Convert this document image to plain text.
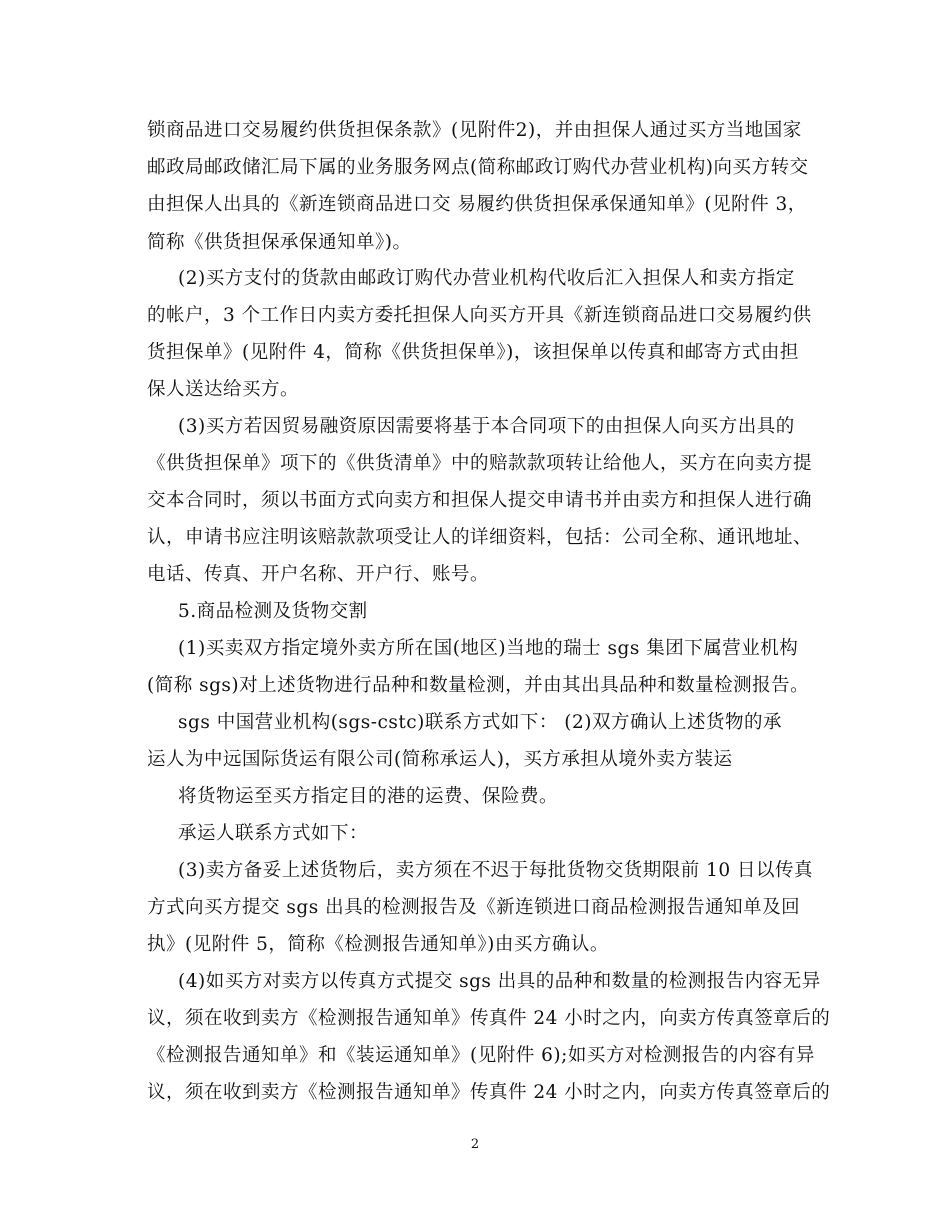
锁商品进口交易履约供货担保条款》(见附件2)，并由担保人通过买方当地国家
邮政局邮政储汇局下属的业务服务网点(简称邮政订购代办营业机构)向买方转交
由担保人出具的《新连锁商品进口交 易履约供货担保承保通知单》(见附件 3，
简称《供货担保承保通知单》)。
(2)买方支付的货款由邮政订购代办营业机构代收后汇入担保人和卖方指定
的帐户，3 个工作日内卖方委托担保人向买方开具《新连锁商品进口交易履约供
货担保单》(见附件 4，简称《供货担保单》)，该担保单以传真和邮寄方式由担
保人送达给买方。
(3)买方若因贸易融资原因需要将基于本合同项下的由担保人向买方出具的
《供货担保单》项下的《供货清单》中的赔款款项转让给他人，买方在向卖方提
交本合同时，须以书面方式向卖方和担保人提交申请书并由卖方和担保人进行确
认，申请书应注明该赔款款项受让人的详细资料，包括：公司全称、通讯地址、
电话、传真、开户名称、开户行、账号。
5.商品检测及货物交割
(1)买卖双方指定境外卖方所在国(地区)当地的瑞士 sgs 集团下属营业机构
(简称 sgs)对上述货物进行品种和数量检测，并由其出具品种和数量检测报告。
sgs 中国营业机构(sgs-cstc)联系方式如下： (2)双方确认上述货物的承
运人为中远国际货运有限公司(简称承运人)，买方承担从境外卖方装运
将货物运至买方指定目的港的运费、保险费。
承运人联系方式如下：
(3)卖方备妥上述货物后，卖方须在不迟于每批货物交货期限前 10 日以传真
方式向买方提交 sgs 出具的检测报告及《新连锁进口商品检测报告通知单及回
执》(见附件 5，简称《检测报告通知单》)由买方确认。
(4)如买方对卖方以传真方式提交 sgs 出具的品种和数量的检测报告内容无异
议，须在收到卖方《检测报告通知单》传真件 24 小时之内，向卖方传真签章后的
《检测报告通知单》和《装运通知单》(见附件 6);如买方对检测报告的内容有异
议，须在收到卖方《检测报告通知单》传真件 24 小时之内，向卖方传真签章后的
2
